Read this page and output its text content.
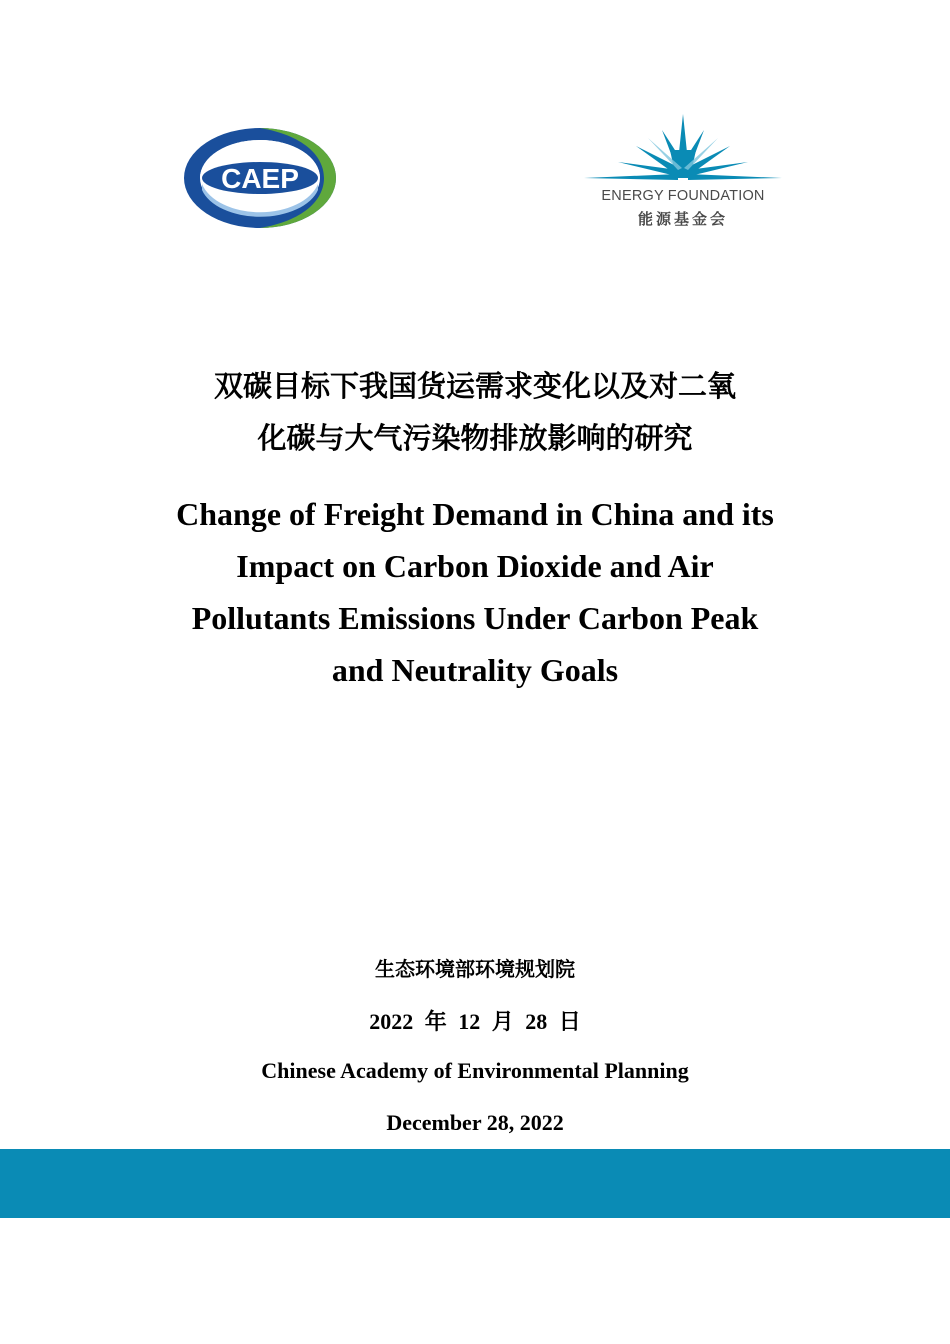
CAEP
ENERGY FOUNDATION
能源基金会
双碳目标下我国货运需求变化以及对二氧
化碳与大气污染物排放影响的研究
Change of Freight Demand in China and its
Impact on Carbon Dioxide and Air
Pollutants Emissions Under Carbon Peak
and Neutrality Goals
生态环境部环境规划院
2022 年 12 月 28 日
Chinese Academy of Environmental Planning
December 28, 2022
